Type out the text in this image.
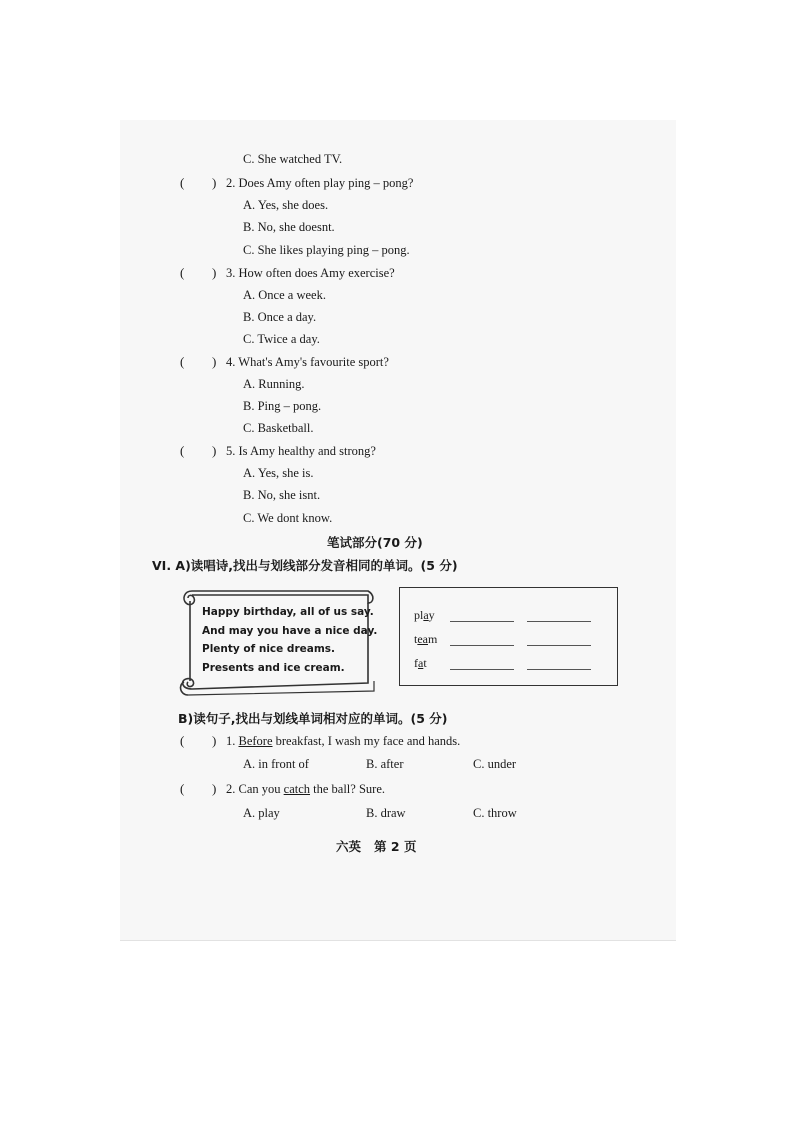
C. She watched TV.
( ) 2. Does Amy often play ping – pong?
A. Yes, she does.
B. No, she doesnt.
C. She likes playing ping – pong.
( ) 3. How often does Amy exercise?
A. Once a week.
B. Once a day.
C. Twice a day.
( ) 4. What's Amy's favourite sport?
A. Running.
B. Ping – pong.
C. Basketball.
( ) 5. Is Amy healthy and strong?
A. Yes, she is.
B. No, she isnt.
C. We dont know.
笔试部分(70 分)
VI. A)读唱诗,找出与划线部分发音相同的单词。(5 分)
Happy birthday, all of us say.
And may you have a nice day.
Plenty of nice dreams.
Presents and ice cream.
play
team
fat
B)读句子,找出与划线单词相对应的单词。(5 分)
( ) 1. Before breakfast, I wash my face and hands.
A. in front of	B. after	C. under
( ) 2. Can you catch the ball? Sure.
A. play	B. draw	C. throw
六英   第 2 页
